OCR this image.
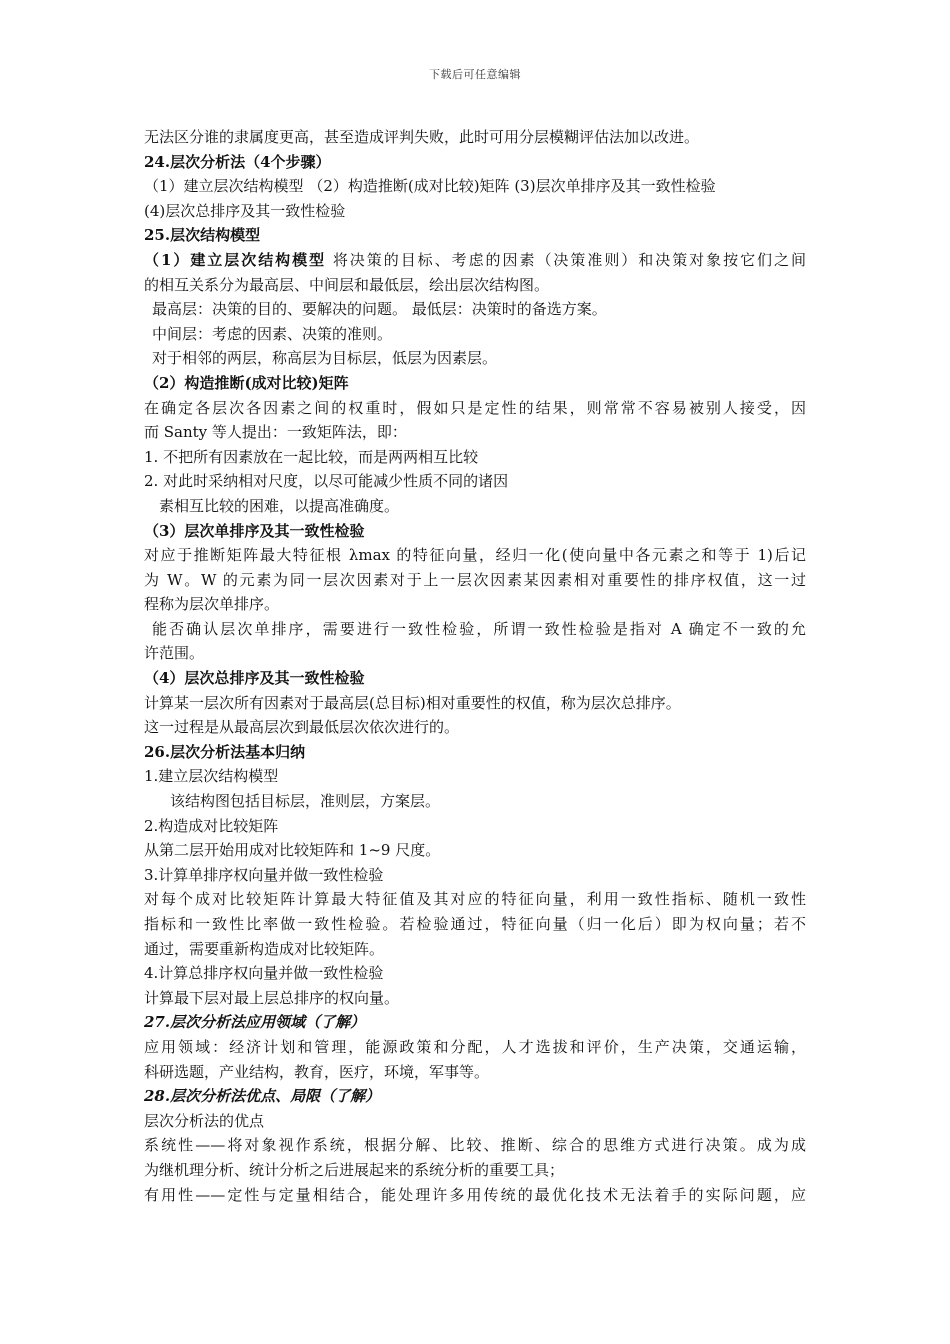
下载后可任意编辑
无法区分谁的隶属度更高，甚至造成评判失败，此时可用分层模糊评估法加以改进。
24.层次分析法（4个步骤）
（1）建立层次结构模型 （2）构造推断(成对比较)矩阵 (3)层次单排序及其一致性检验
(4)层次总排序及其一致性检验
25.层次结构模型
（1）建立层次结构模型 将决策的目标、考虑的因素（决策准则）和决策对象按它们之间
的相互关系分为最高层、中间层和最低层，绘出层次结构图。
最高层：决策的目的、要解决的问题。 最低层：决策时的备选方案。
中间层：考虑的因素、决策的准则。
对于相邻的两层，称高层为目标层，低层为因素层。
（2）构造推断(成对比较)矩阵
在确定各层次各因素之间的权重时，假如只是定性的结果，则常常不容易被别人接受，因
而 Santy 等人提出：一致矩阵法，即：
1. 不把所有因素放在一起比较，而是两两相互比较
2. 对此时采纳相对尺度，以尽可能减少性质不同的诸因
素相互比较的困难，以提高准确度。
（3）层次单排序及其一致性检验
对应于推断矩阵最大特征根 λmax 的特征向量，经归一化(使向量中各元素之和等于 1)后记
为 W。W 的元素为同一层次因素对于上一层次因素某因素相对重要性的排序权值，这一过
程称为层次单排序。
能否确认层次单排序，需要进行一致性检验，所谓一致性检验是指对 A 确定不一致的允
许范围。
（4）层次总排序及其一致性检验
计算某一层次所有因素对于最高层(总目标)相对重要性的权值，称为层次总排序。
这一过程是从最高层次到最低层次依次进行的。
26.层次分析法基本归纳
1.建立层次结构模型
该结构图包括目标层，准则层，方案层。
2.构造成对比较矩阵
从第二层开始用成对比较矩阵和 1~9 尺度。
3.计算单排序权向量并做一致性检验
对每个成对比较矩阵计算最大特征值及其对应的特征向量，利用一致性指标、随机一致性
指标和一致性比率做一致性检验。若检验通过，特征向量（归一化后）即为权向量；若不
通过，需要重新构造成对比较矩阵。
4.计算总排序权向量并做一致性检验
计算最下层对最上层总排序的权向量。
27.层次分析法应用领域（了解）
应用领域：经济计划和管理，能源政策和分配，人才选拔和评价，生产决策，交通运输，
科研选题，产业结构，教育，医疗，环境，军事等。
28.层次分析法优点、局限（了解）
层次分析法的优点
系统性——将对象视作系统，根据分解、比较、推断、综合的思维方式进行决策。成为成
为继机理分析、统计分析之后进展起来的系统分析的重要工具；
有用性——定性与定量相结合，能处理许多用传统的最优化技术无法着手的实际问题，应
